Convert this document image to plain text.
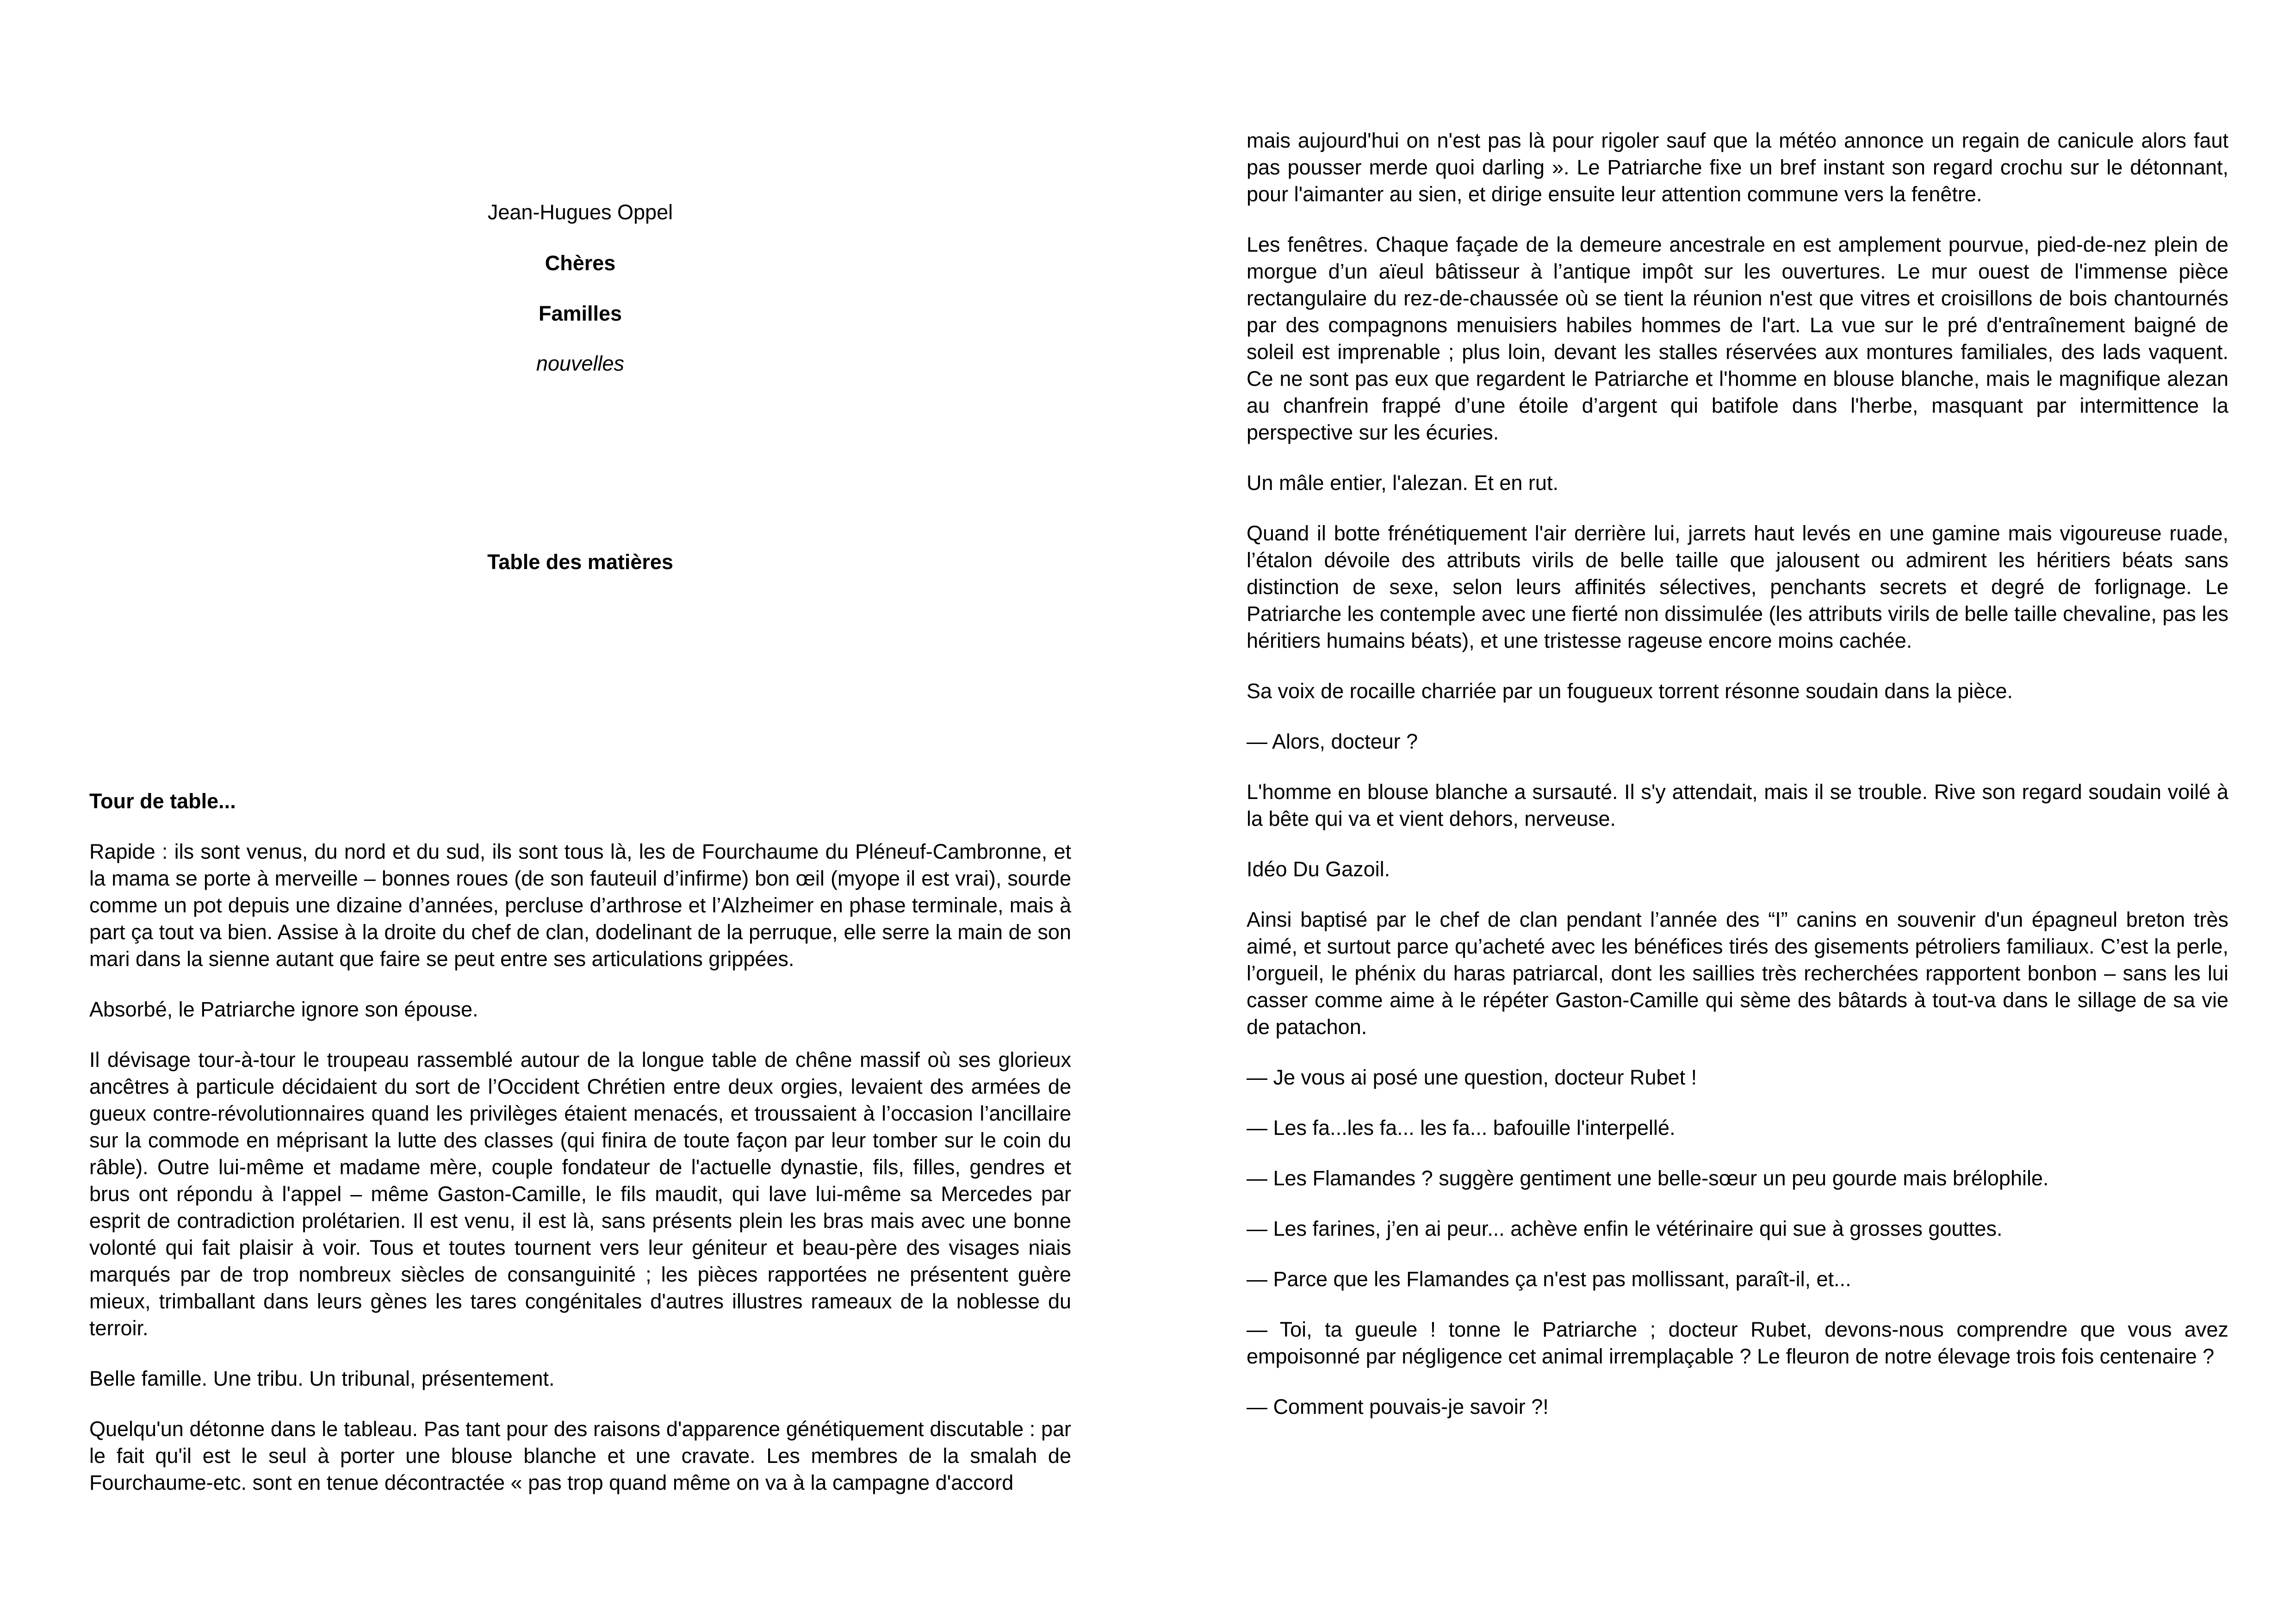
Jean-Hugues Oppel

Chères

Familles

nouvelles

Table des matières

Tour de table...

Rapide : ils sont venus, du nord et du sud, ils sont tous là, les de Fourchaume du Pléneuf-Cambronne, et la mama se porte à merveille – bonnes roues (de son fauteuil d’infirme) bon œil (myope il est vrai), sourde comme un pot depuis une dizaine d’années, percluse d’arthrose et l’Alzheimer en phase terminale, mais à part ça tout va bien. Assise à la droite du chef de clan, dodelinant de la perruque, elle serre la main de son mari dans la sienne autant que faire se peut entre ses articulations grippées.

Absorbé, le Patriarche ignore son épouse.

Il dévisage tour-à-tour le troupeau rassemblé autour de la longue table de chêne massif où ses glorieux ancêtres à particule décidaient du sort de l’Occident Chrétien entre deux orgies, levaient des armées de gueux contre-révolutionnaires quand les privilèges étaient menacés, et troussaient à l’occasion l’ancillaire sur la commode en méprisant la lutte des classes (qui finira de toute façon par leur tomber sur le coin du râble). Outre lui-même et madame mère, couple fondateur de l'actuelle dynastie, fils, filles, gendres et brus ont répondu à l'appel – même Gaston-Camille, le fils maudit, qui lave lui-même sa Mercedes par esprit de contradiction prolétarien. Il est venu, il est là, sans présents plein les bras mais avec une bonne volonté qui fait plaisir à voir. Tous et toutes tournent vers leur géniteur et beau-père des visages niais marqués par de trop nombreux siècles de consanguinité ; les pièces rapportées ne présentent guère mieux, trimballant dans leurs gènes les tares congénitales d'autres illustres rameaux de la noblesse du terroir.

Belle famille. Une tribu. Un tribunal, présentement.

Quelqu'un détonne dans le tableau. Pas tant pour des raisons d'apparence génétiquement discutable : par le fait qu'il est le seul à porter une blouse blanche et une cravate. Les membres de la smalah de Fourchaume-etc. sont en tenue décontractée « pas trop quand même on va à la campagne d'accord

mais aujourd'hui on n'est pas là pour rigoler sauf que la météo annonce un regain de canicule alors faut pas pousser merde quoi darling ». Le Patriarche fixe un bref instant son regard crochu sur le détonnant, pour l'aimanter au sien, et dirige ensuite leur attention commune vers la fenêtre.

Les fenêtres. Chaque façade de la demeure ancestrale en est amplement pourvue, pied-de-nez plein de morgue d’un aïeul bâtisseur à l’antique impôt sur les ouvertures. Le mur ouest de l'immense pièce rectangulaire du rez-de-chaussée où se tient la réunion n'est que vitres et croisillons de bois chantournés par des compagnons menuisiers habiles hommes de l'art. La vue sur le pré d'entraînement baigné de soleil est imprenable ; plus loin, devant les stalles réservées aux montures familiales, des lads vaquent. Ce ne sont pas eux que regardent le Patriarche et l'homme en blouse blanche, mais le magnifique alezan au chanfrein frappé d’une étoile d’argent qui batifole dans l'herbe, masquant par intermittence la perspective sur les écuries.

Un mâle entier, l'alezan. Et en rut.

Quand il botte frénétiquement l'air derrière lui, jarrets haut levés en une gamine mais vigoureuse ruade, l’étalon dévoile des attributs virils de belle taille que jalousent ou admirent les héritiers béats sans distinction de sexe, selon leurs affinités sélectives, penchants secrets et degré de forlignage. Le Patriarche les contemple avec une fierté non dissimulée (les attributs virils de belle taille chevaline, pas les héritiers humains béats), et une tristesse rageuse encore moins cachée.

Sa voix de rocaille charriée par un fougueux torrent résonne soudain dans la pièce.

— Alors, docteur ?

L'homme en blouse blanche a sursauté. Il s'y attendait, mais il se trouble. Rive son regard soudain voilé à la bête qui va et vient dehors, nerveuse.

Idéo Du Gazoil.

Ainsi baptisé par le chef de clan pendant l’année des “I” canins en souvenir d'un épagneul breton très aimé, et surtout parce qu’acheté avec les bénéfices tirés des gisements pétroliers familiaux. C’est la perle, l’orgueil, le phénix du haras patriarcal, dont les saillies très recherchées rapportent bonbon – sans les lui casser comme aime à le répéter Gaston-Camille qui sème des bâtards à tout-va dans le sillage de sa vie de patachon.

— Je vous ai posé une question, docteur Rubet !

— Les fa...les fa... les fa... bafouille l'interpellé.

— Les Flamandes ? suggère gentiment une belle-sœur un peu gourde mais brélophile.

— Les farines, j’en ai peur... achève enfin le vétérinaire qui sue à grosses gouttes.

— Parce que les Flamandes ça n'est pas mollissant, paraît-il, et...

— Toi, ta gueule ! tonne le Patriarche ; docteur Rubet, devons-nous comprendre que vous avez empoisonné par négligence cet animal irremplaçable ? Le fleuron de notre élevage trois fois centenaire ?

— Comment pouvais-je savoir ?!
